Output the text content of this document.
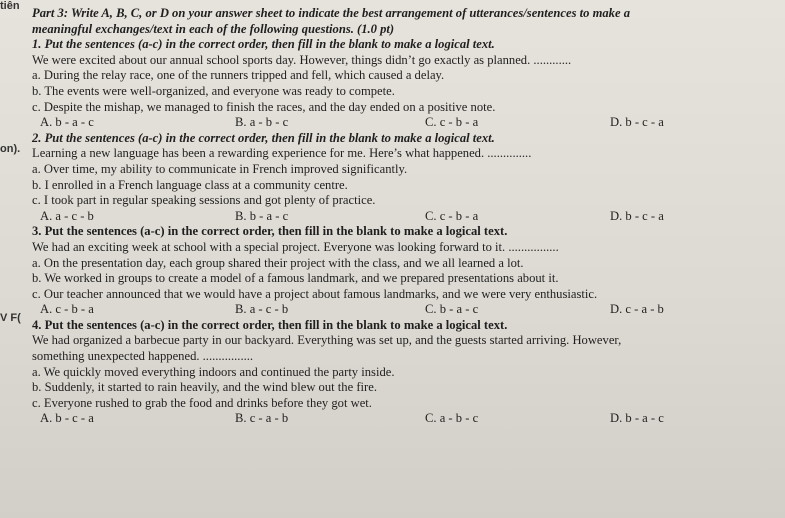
tiên
on).
V F(
Part 3: Write A, B, C, or D on your answer sheet to indicate the best arrangement of utterances/sentences to make a
meaningful exchanges/text in each of the following questions. (1.0 pt)
1. Put the sentences (a-c) in the correct order, then fill in the blank to make a logical text.
We were excited about our annual school sports day. However, things didn’t go exactly as planned. ............
a. During the relay race, one of the runners tripped and fell, which caused a delay.
b. The events were well-organized, and everyone was ready to compete.
c. Despite the mishap, we managed to finish the races, and the day ended on a positive note.
A. b - a - c	B. a - b - c	C. c - b - a	D. b - c - a
2. Put the sentences (a-c) in the correct order, then fill in the blank to make a logical text.
Learning a new language has been a rewarding experience for me. Here’s what happened. ..............
a. Over time, my ability to communicate in French improved significantly.
b. I enrolled in a French language class at a community centre.
c. I took part in regular speaking sessions and got plenty of practice.
A. a - c - b	B. b - a - c	C. c - b - a	D. b - c - a
3. Put the sentences (a-c) in the correct order, then fill in the blank to make a logical text.
We had an exciting week at school with a special project. Everyone was looking forward to it. ................
a. On the presentation day, each group shared their project with the class, and we all learned a lot.
b. We worked in groups to create a model of a famous landmark, and we prepared presentations about it.
c. Our teacher announced that we would have a project about famous landmarks, and we were very enthusiastic.
A. c - b - a	B. a - c - b	C. b - a - c	D. c - a - b
4. Put the sentences (a-c) in the correct order, then fill in the blank to make a logical text.
We had organized a barbecue party in our backyard. Everything was set up, and the guests started arriving. However,
something unexpected happened. ................
a. We quickly moved everything indoors and continued the party inside.
b. Suddenly, it started to rain heavily, and the wind blew out the fire.
c. Everyone rushed to grab the food and drinks before they got wet.
A. b - c - a	B. c - a - b	C. a - b - c	D. b - a - c
